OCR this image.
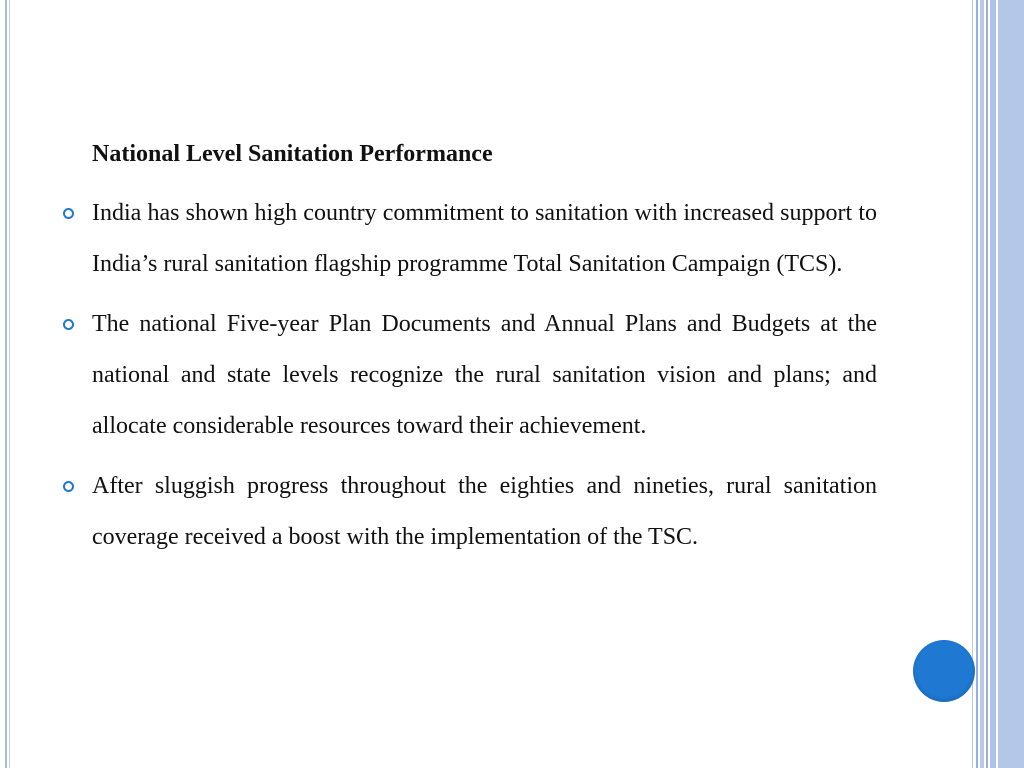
National Level Sanitation Performance
India has shown high country commitment to sanitation with increased support to India’s rural sanitation flagship programme Total Sanitation Campaign (TCS).
The national Five-year Plan Documents and Annual Plans and Budgets at the national and state levels recognize the rural sanitation vision and plans; and allocate considerable resources toward their achievement.
After sluggish progress throughout the eighties and nineties, rural sanitation coverage received a boost with the implementation of the TSC.
